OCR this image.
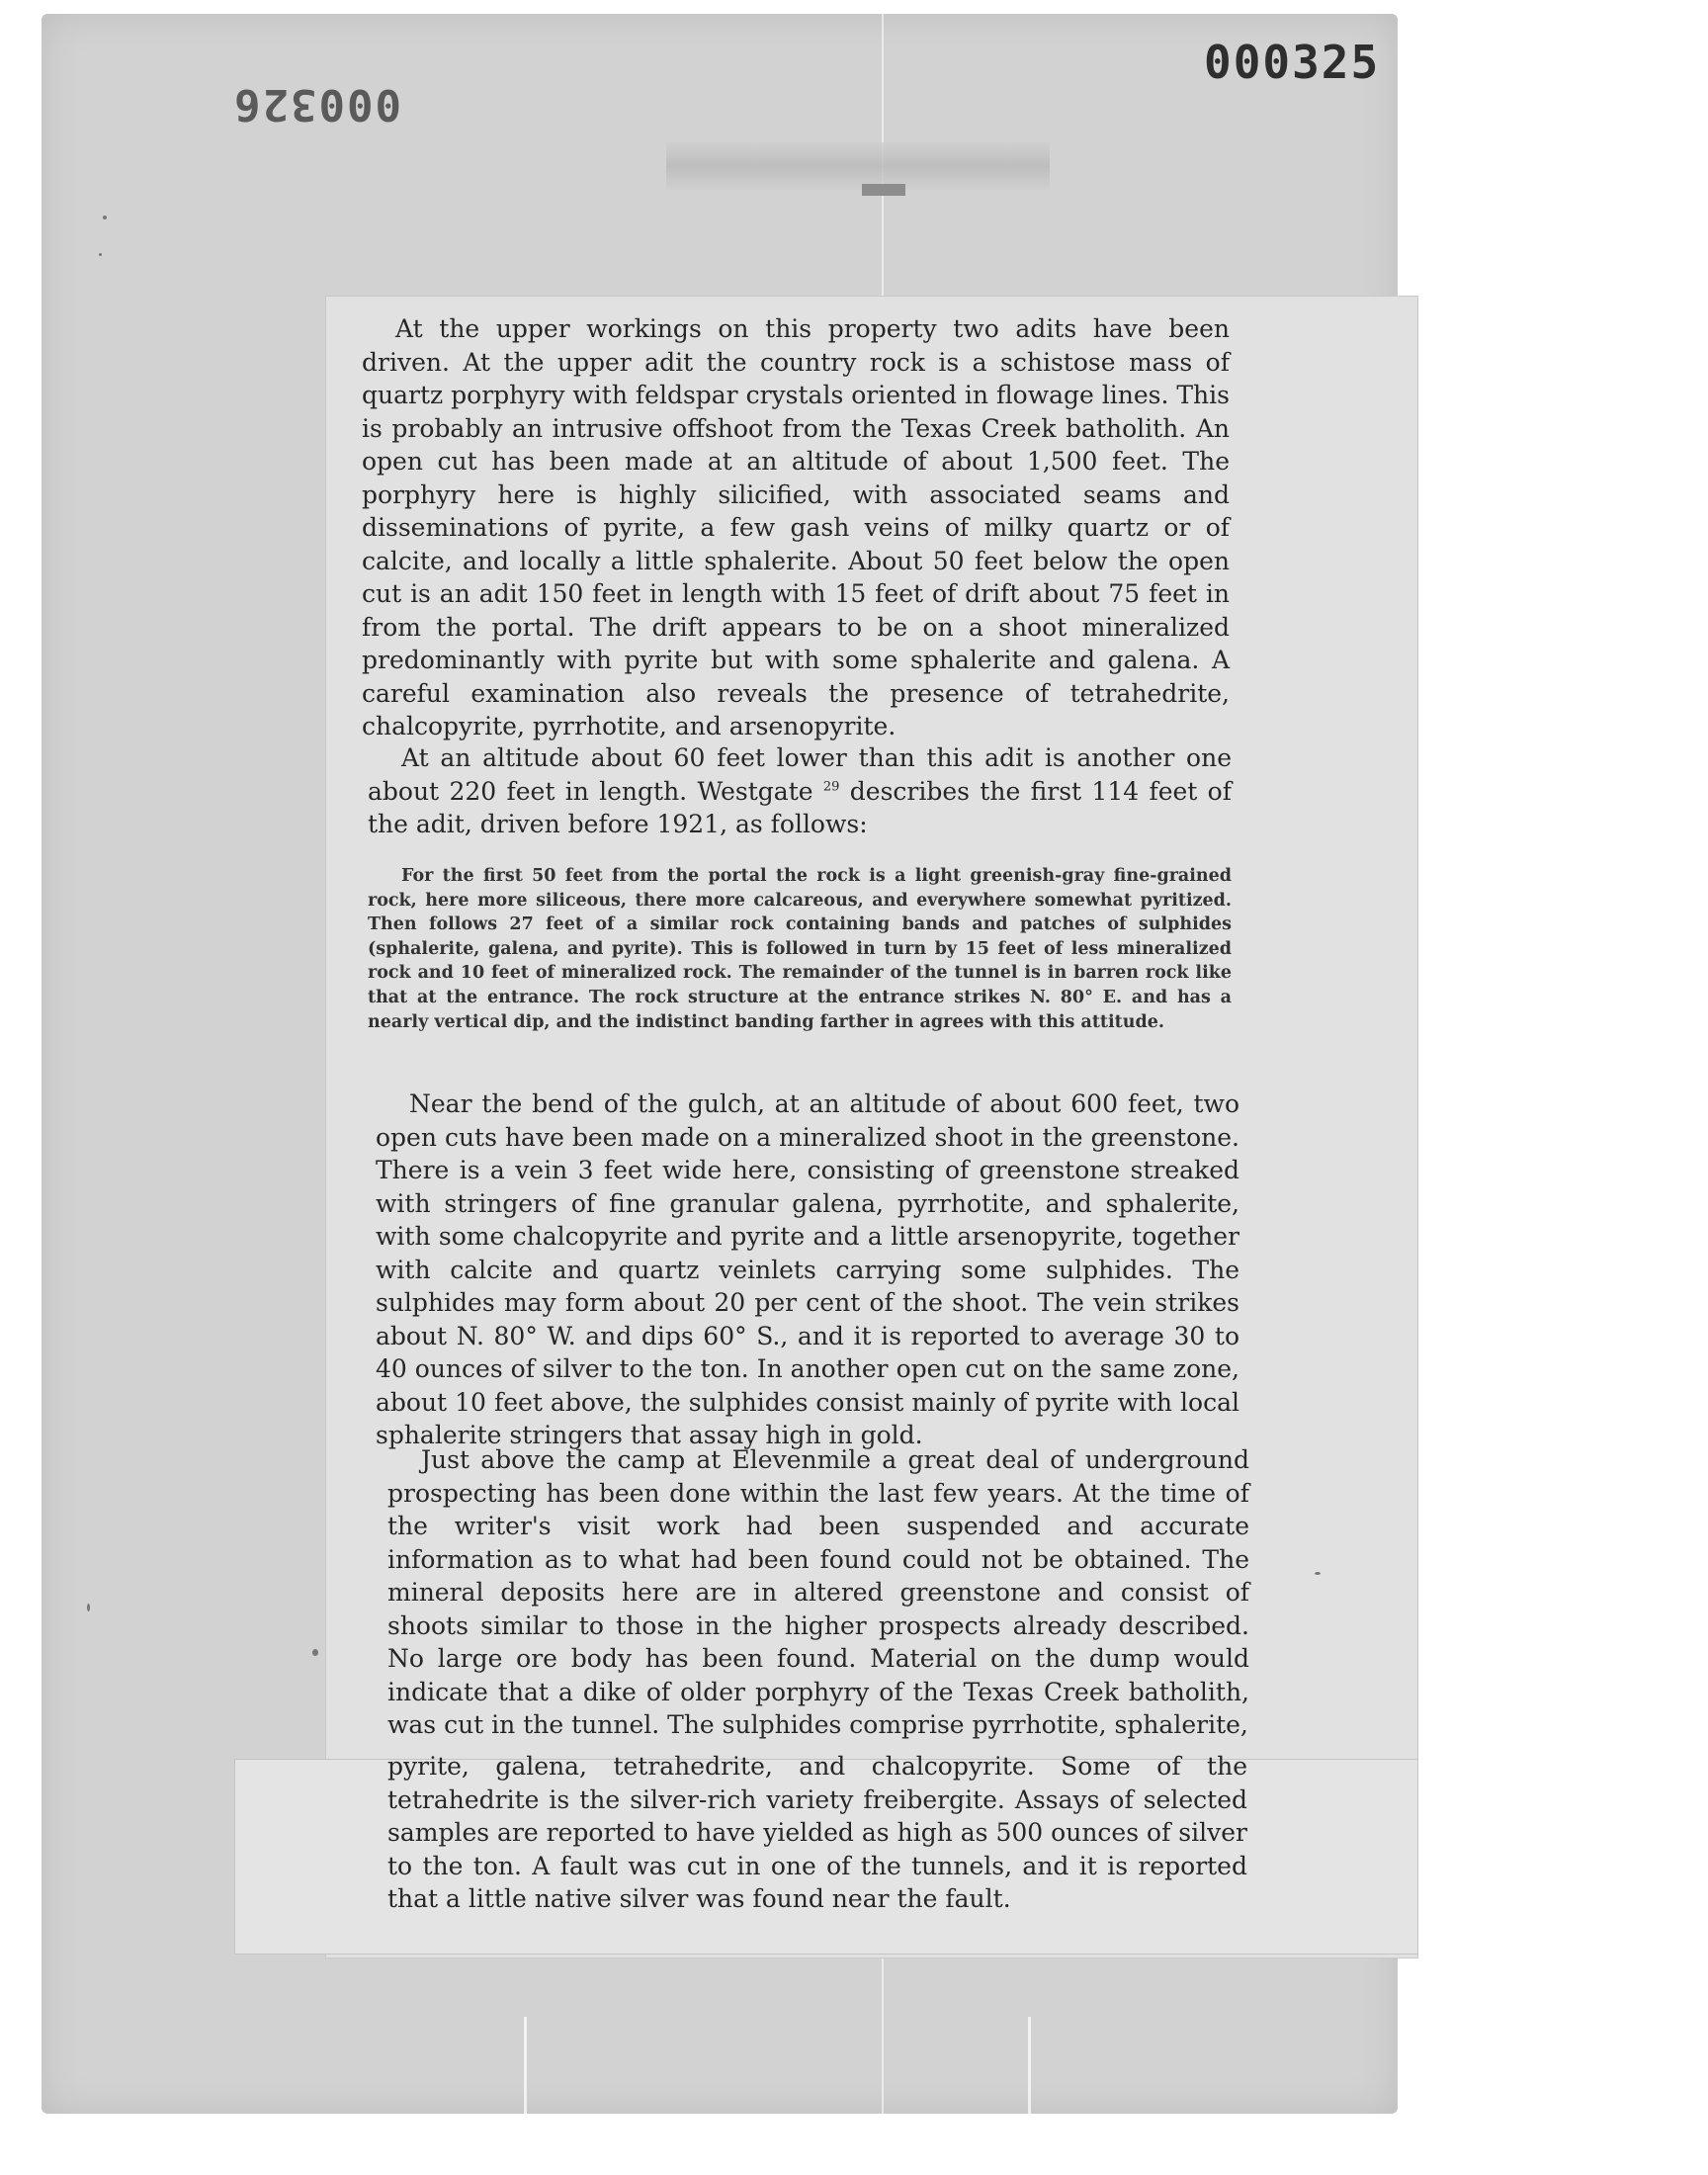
000325
000326

At the upper workings on this property two adits have been driven. At the upper adit the country rock is a schistose mass of quartz porphyry with feldspar crystals oriented in flowage lines. This is probably an intrusive offshoot from the Texas Creek batholith. An open cut has been made at an altitude of about 1,500 feet. The porphyry here is highly silicified, with associated seams and disseminations of pyrite, a few gash veins of milky quartz or of calcite, and locally a little sphalerite. About 50 feet below the open cut is an adit 150 feet in length with 15 feet of drift about 75 feet in from the portal. The drift appears to be on a shoot mineralized predominantly with pyrite but with some sphalerite and galena. A careful examination also reveals the presence of tetrahedrite, chalcopyrite, pyrrhotite, and arsenopyrite.

At an altitude about 60 feet lower than this adit is another one about 220 feet in length. Westgate $^{29}$ describes the first 114 feet of the adit, driven before 1921, as follows:

For the first 50 feet from the portal the rock is a light greenish-gray fine-grained rock, here more siliceous, there more calcareous, and everywhere somewhat pyritized. Then follows 27 feet of a similar rock containing bands and patches of sulphides (sphalerite, galena, and pyrite). This is followed in turn by 15 feet of less mineralized rock and 10 feet of mineralized rock. The remainder of the tunnel is in barren rock like that at the entrance. The rock structure at the entrance strikes N. 80° E. and has a nearly vertical dip, and the indistinct banding farther in agrees with this attitude.

Near the bend of the gulch, at an altitude of about 600 feet, two open cuts have been made on a mineralized shoot in the greenstone. There is a vein 3 feet wide here, consisting of greenstone streaked with stringers of fine granular galena, pyrrhotite, and sphalerite, with some chalcopyrite and pyrite and a little arsenopyrite, together with calcite and quartz veinlets carrying some sulphides. The sulphides may form about 20 per cent of the shoot. The vein strikes about N. 80° W. and dips 60° S., and it is reported to average 30 to 40 ounces of silver to the ton. In another open cut on the same zone, about 10 feet above, the sulphides consist mainly of pyrite with local sphalerite stringers that assay high in gold.

Just above the camp at Elevenmile a great deal of underground prospecting has been done within the last few years. At the time of the writer's visit work had been suspended and accurate information as to what had been found could not be obtained. The mineral deposits here are in altered greenstone and consist of shoots similar to those in the higher prospects already described. No large ore body has been found. Material on the dump would indicate that a dike of older porphyry of the Texas Creek batholith, was cut in the tunnel. The sulphides comprise pyrrhotite, sphalerite,

pyrite, galena, tetrahedrite, and chalcopyrite. Some of the tetrahedrite is the silver-rich variety freibergite. Assays of selected samples are reported to have yielded as high as 500 ounces of silver to the ton. A fault was cut in one of the tunnels, and it is reported that a little native silver was found near the fault.
